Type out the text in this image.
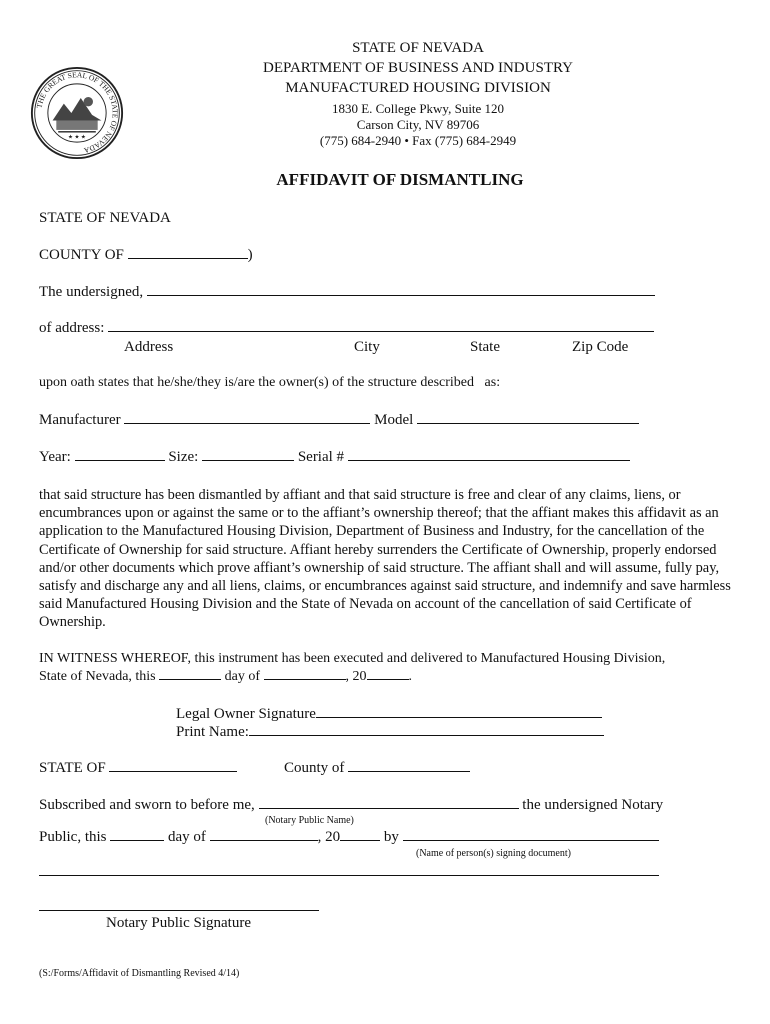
THE GREAT SEAL OF THE STATE OF NEVADA
★ ★ ★
STATE OF NEVADA
DEPARTMENT OF BUSINESS AND INDUSTRY
MANUFACTURED HOUSING DIVISION
1830 E. College Pkwy, Suite 120
Carson City, NV 89706
(775) 684-2940 • Fax (775) 684-2949
AFFIDAVIT OF DISMANTLING
STATE OF NEVADA
COUNTY OF	)
The undersigned,
of address:
Address	City	State	Zip Code
upon oath states that he/she/they is/are the owner(s) of the structure described   as:
Manufacturer	Model
Year:	Size:	Serial #
that said structure has been dismantled by affiant and that said structure is free and clear of any claims, liens, or encumbrances upon or against the same or to the affiant’s ownership thereof; that the affiant makes this affidavit as an application to the Manufactured Housing Division, Department of Business and Industry, for the cancellation of the Certificate of Ownership for said structure. Affiant hereby surrenders the Certificate of Ownership, properly endorsed and/or other documents which prove affiant’s ownership of said structure. The affiant shall and will assume, fully pay, satisfy and discharge any and all liens, claims, or encumbrances against said structure, and indemnify and save harmless said Manufactured Housing Division and the State of Nevada on account of the cancellation of said Certificate of Ownership.
IN WITNESS WHEREOF, this instrument has been executed and delivered to Manufactured Housing Division,
State of Nevada, this	day of	, 20	.
Legal Owner Signature
Print Name:
STATE OF	County of
Subscribed and sworn to before me,	the undersigned Notary
(Notary Public Name)
Public, this	day of	, 20	by
(Name of person(s) signing document)
Notary Public Signature
(S:/Forms/Affidavit of Dismantling Revised 4/14)
